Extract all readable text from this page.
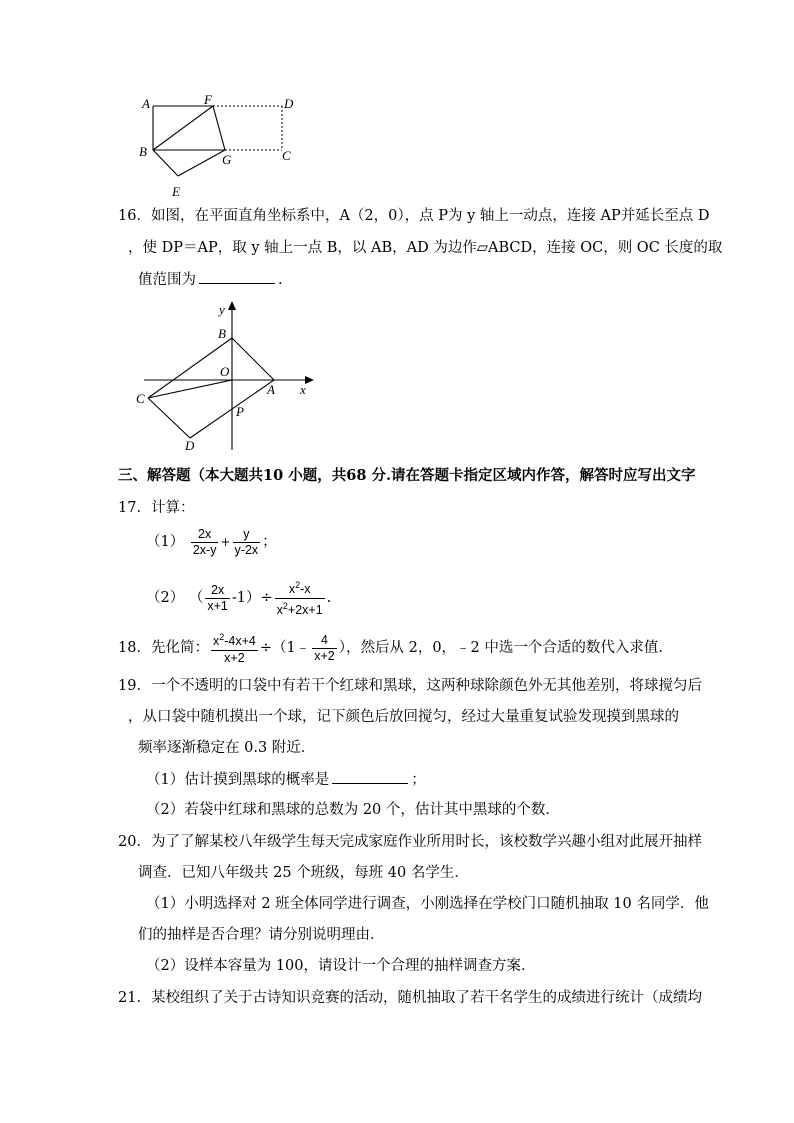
A	F	D
B
G	C
E
16．如图，在平面直角坐标系中，A（2，0），点 P为 y 轴上一动点，连接 AP并延长至点 D
，使 DP＝AP，取 y 轴上一点 B，以 AB，AD 为边作▱ABCD，连接 OC，则 OC 长度的取
值范围为	.
y
B
O
A x
C
P
D
三、解答题（本大题共10 小题，共68 分.请在答题卡指定区域内作答，解答时应写出文字
17．计算：
$(1) \frac{2x}{2x-y} + \frac{y}{y-2x}$ ；
（2） （ $\frac{2x}{x+1} -1)\div \frac{x^2-x}{x^2+2x+1}$ .
18．先化简： $\frac{x^2-4x+4}{x+2}$ ÷（1﹣ $\frac{4}{x+2}$ ），然后从 2，0，﹣2 中选一个合适的数代入求值．
19．一个不透明的口袋中有若干个红球和黑球，这两种球除颜色外无其他差别，将球搅匀后
，从口袋中随机摸出一个球，记下颜色后放回搅匀，经过大量重复试验发现摸到黑球的
频率逐渐稳定在 0.3 附近．
（1）估计摸到黑球的概率是	；
（2）若袋中红球和黑球的总数为 20 个，估计其中黑球的个数．
20．为了了解某校八年级学生每天完成家庭作业所用时长，该校数学兴趣小组对此展开抽样
调查．已知八年级共 25 个班级，每班 40 名学生．
（1）小明选择对 2 班全体同学进行调查，小刚选择在学校门口随机抽取 10 名同学．他
们的抽样是否合理？请分别说明理由．
（2）设样本容量为 100，请设计一个合理的抽样调查方案．
21．某校组织了关于古诗知识竞赛的活动，随机抽取了若干名学生的成绩进行统计（成绩均
